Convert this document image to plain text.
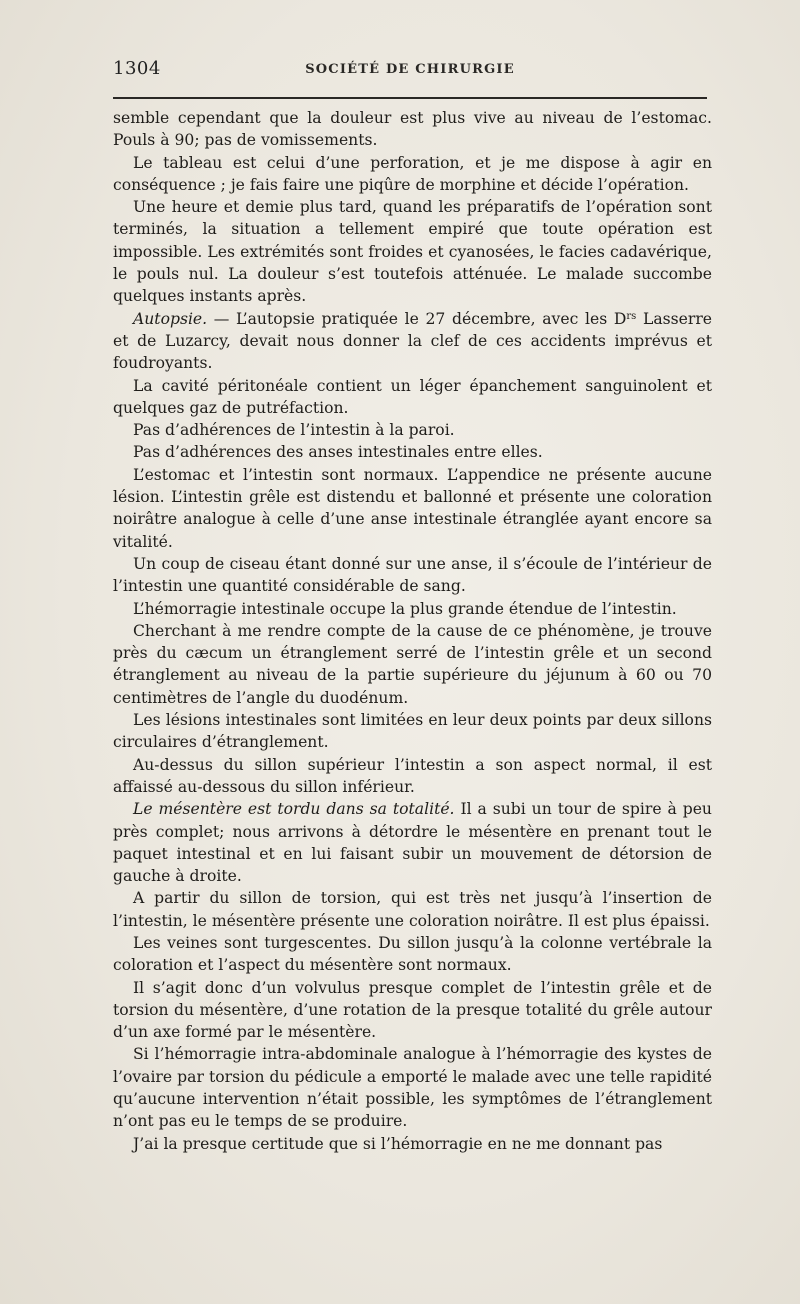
1304	SOCIÉTÉ DE CHIRURGIE

semble cependant que la douleur est plus vive au niveau de l’estomac. Pouls à 90; pas de vomissements.

Le tableau est celui d’une perforation, et je me dispose à agir en conséquence ; je fais faire une piqûre de morphine et décide l’opération.

Une heure et demie plus tard, quand les préparatifs de l’opération sont terminés, la situation a tellement empiré que toute opération est impossible. Les extrémités sont froides et cyanosées, le facies cadavérique, le pouls nul. La douleur s’est toutefois atténuée. Le malade succombe quelques instants après.

Autopsie. — L’autopsie pratiquée le 27 décembre, avec les $D^{rs}$ Lasserre et de Luzarcy, devait nous donner la clef de ces accidents imprévus et foudroyants.

La cavité péritonéale contient un léger épanchement sanguinolent et quelques gaz de putréfaction.

Pas d’adhérences de l’intestin à la paroi.

Pas d’adhérences des anses intestinales entre elles.

L’estomac et l’intestin sont normaux. L’appendice ne présente aucune lésion. L’intestin grêle est distendu et ballonné et présente une coloration noirâtre analogue à celle d’une anse intestinale étranglée ayant encore sa vitalité.

Un coup de ciseau étant donné sur une anse, il s’écoule de l’intérieur de l’intestin une quantité considérable de sang.

L’hémorragie intestinale occupe la plus grande étendue de l’intestin.

Cherchant à me rendre compte de la cause de ce phénomène, je trouve près du cæcum un étranglement serré de l’intestin grêle et un second étranglement au niveau de la partie supérieure du jéjunum à 60 ou 70 centimètres de l’angle du duodénum.

Les lésions intestinales sont limitées en leur deux points par deux sillons circulaires d’étranglement.

Au-dessus du sillon supérieur l’intestin a son aspect normal, il est affaissé au-dessous du sillon inférieur.

Le mésentère est tordu dans sa totalité. Il a subi un tour de spire à peu près complet; nous arrivons à détordre le mésentère en prenant tout le paquet intestinal et en lui faisant subir un mouvement de détorsion de gauche à droite.

A partir du sillon de torsion, qui est très net jusqu’à l’insertion de l’intestin, le mésentère présente une coloration noirâtre. Il est plus épaissi.

Les veines sont turgescentes. Du sillon jusqu’à la colonne vertébrale la coloration et l’aspect du mésentère sont normaux.

Il s’agit donc d’un volvulus presque complet de l’intestin grêle et de torsion du mésentère, d’une rotation de la presque totalité du grêle autour d’un axe formé par le mésentère.

Si l’hémorragie intra-abdominale analogue à l’hémorragie des kystes de l’ovaire par torsion du pédicule a emporté le malade avec une telle rapidité qu’aucune intervention n’était possible, les symptômes de l’étranglement n’ont pas eu le temps de se produire.

J’ai la presque certitude que si l’hémorragie en ne me donnant pas
